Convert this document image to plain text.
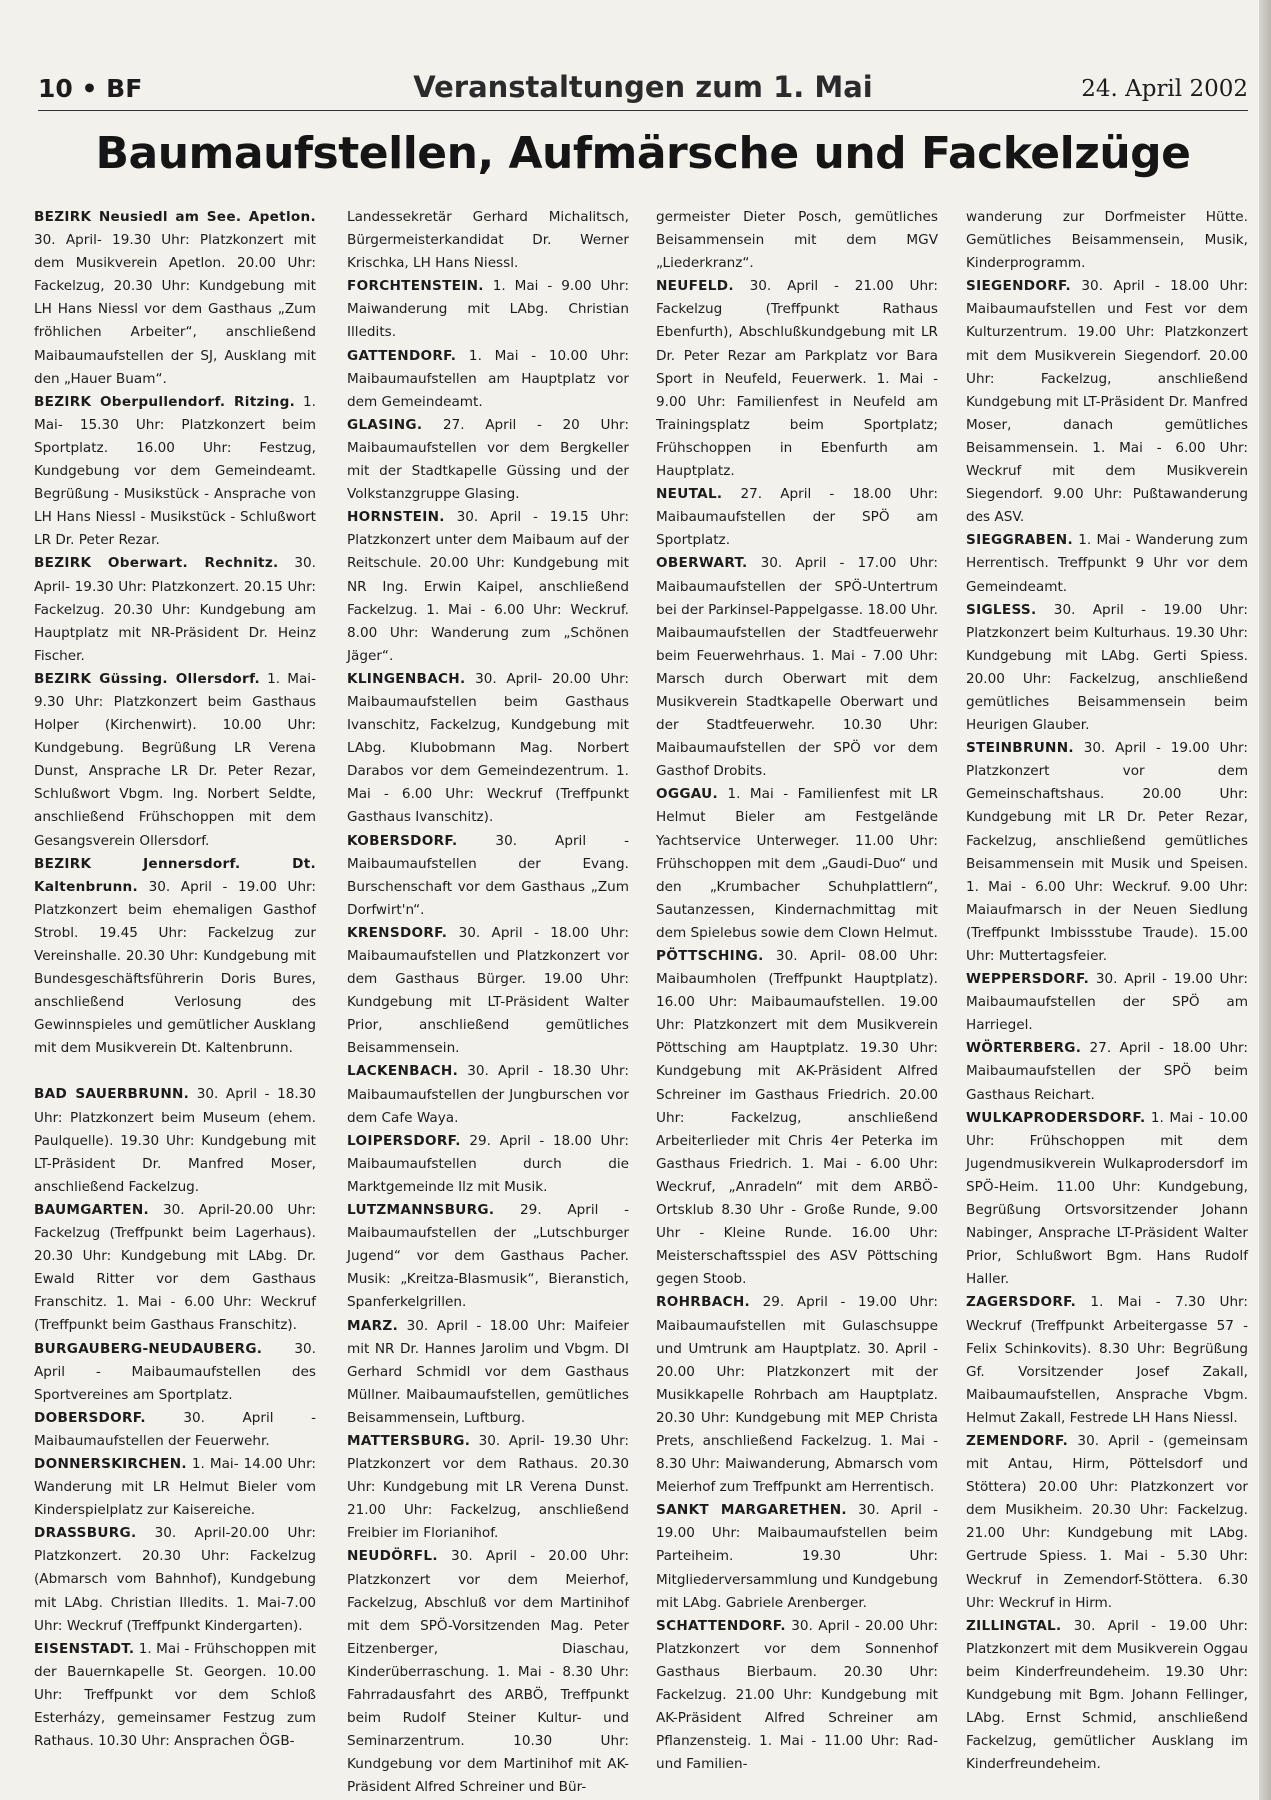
10 • BF	Veranstaltungen zum 1. Mai	24. April 2002
Baumaufstellen, Aufmärsche und Fackelzüge

BEZIRK Neusiedl am See. Apetlon. 30. April- 19.30 Uhr: Platzkonzert mit dem Musikverein Apetlon. 20.00 Uhr: Fackelzug, 20.30 Uhr: Kundgebung mit LH Hans Niessl vor dem Gasthaus „Zum fröhlichen Arbeiter“, anschließend Maibaumaufstellen der SJ, Ausklang mit den „Hauer Buam“.

BEZIRK Oberpullendorf. Ritzing. 1. Mai- 15.30 Uhr: Platzkonzert beim Sportplatz. 16.00 Uhr: Festzug, Kundgebung vor dem Gemeindeamt. Begrüßung - Musikstück - Ansprache von LH Hans Niessl - Musikstück - Schlußwort LR Dr. Peter Rezar.

BEZIRK Oberwart. Rechnitz. 30. April- 19.30 Uhr: Platzkonzert. 20.15 Uhr: Fackelzug. 20.30 Uhr: Kundgebung am Hauptplatz mit NR-Präsident Dr. Heinz Fischer.

BEZIRK Güssing. Ollersdorf. 1. Mai- 9.30 Uhr: Platzkonzert beim Gasthaus Holper (Kirchenwirt). 10.00 Uhr: Kundgebung. Begrüßung LR Verena Dunst, Ansprache LR Dr. Peter Rezar, Schlußwort Vbgm. Ing. Norbert Seldte, anschließend Frühschoppen mit dem Gesangsverein Ollersdorf.

BEZIRK Jennersdorf. Dt. Kaltenbrunn. 30. April - 19.00 Uhr: Platzkonzert beim ehemaligen Gasthof Strobl. 19.45 Uhr: Fackelzug zur Vereinshalle. 20.30 Uhr: Kundgebung mit Bundesgeschäftsführerin Doris Bures, anschließend Verlosung des Gewinnspieles und gemütlicher Ausklang mit dem Musikverein Dt. Kaltenbrunn.

BAD SAUERBRUNN. 30. April - 18.30 Uhr: Platzkonzert beim Museum (ehem. Paulquelle). 19.30 Uhr: Kundgebung mit LT-Präsident Dr. Manfred Moser, anschließend Fackelzug.

BAUMGARTEN. 30. April-20.00 Uhr: Fackelzug (Treffpunkt beim Lagerhaus). 20.30 Uhr: Kundgebung mit LAbg. Dr. Ewald Ritter vor dem Gasthaus Franschitz. 1. Mai - 6.00 Uhr: Weckruf (Treffpunkt beim Gasthaus Franschitz).

BURGAUBERG-NEUDAUBERG. 30. April - Maibaumaufstellen des Sportvereines am Sportplatz.

DOBERSDORF. 30. April - Maibaumaufstellen der Feuerwehr.

DONNERSKIRCHEN. 1. Mai- 14.00 Uhr: Wanderung mit LR Helmut Bieler vom Kinderspielplatz zur Kaisereiche.

DRASSBURG. 30. April-20.00 Uhr: Platzkonzert. 20.30 Uhr: Fackelzug (Abmarsch vom Bahnhof), Kundgebung mit LAbg. Christian Illedits. 1. Mai-7.00 Uhr: Weckruf (Treffpunkt Kindergarten).

EISENSTADT. 1. Mai - Frühschoppen mit der Bauernkapelle St. Georgen. 10.00 Uhr: Treffpunkt vor dem Schloß Esterházy, gemeinsamer Festzug zum Rathaus. 10.30 Uhr: Ansprachen ÖGB-

Landessekretär Gerhard Michalitsch, Bürgermeisterkandidat Dr. Werner Krischka, LH Hans Niessl.

FORCHTENSTEIN. 1. Mai - 9.00 Uhr: Maiwanderung mit LAbg. Christian Illedits.

GATTENDORF. 1. Mai - 10.00 Uhr: Maibaumaufstellen am Hauptplatz vor dem Gemeindeamt.

GLASING. 27. April - 20 Uhr: Maibaumaufstellen vor dem Bergkeller mit der Stadtkapelle Güssing und der Volkstanzgruppe Glasing.

HORNSTEIN. 30. April - 19.15 Uhr: Platzkonzert unter dem Maibaum auf der Reitschule. 20.00 Uhr: Kundgebung mit NR Ing. Erwin Kaipel, anschließend Fackelzug. 1. Mai - 6.00 Uhr: Weckruf. 8.00 Uhr: Wanderung zum „Schönen Jäger“.

KLINGENBACH. 30. April- 20.00 Uhr: Maibaumaufstellen beim Gasthaus Ivanschitz, Fackelzug, Kundgebung mit LAbg. Klubobmann Mag. Norbert Darabos vor dem Gemeindezentrum. 1. Mai - 6.00 Uhr: Weckruf (Treffpunkt Gasthaus Ivanschitz).

KOBERSDORF. 30. April -Maibaumaufstellen der Evang. Burschenschaft vor dem Gasthaus „Zum Dorfwirt'n“.

KRENSDORF. 30. April - 18.00 Uhr: Maibaumaufstellen und Platzkonzert vor dem Gasthaus Bürger. 19.00 Uhr: Kundgebung mit LT-Präsident Walter Prior, anschließend gemütliches Beisammensein.

LACKENBACH. 30. April - 18.30 Uhr: Maibaumaufstellen der Jungburschen vor dem Cafe Waya.

LOIPERSDORF. 29. April - 18.00 Uhr: Maibaumaufstellen durch die Marktgemeinde Ilz mit Musik.

LUTZMANNSBURG. 29. April - Maibaumaufstellen der „Lutschburger Jugend“ vor dem Gasthaus Pacher. Musik: „Kreitza-Blasmusik“, Bieranstich, Spanferkelgrillen.

MARZ. 30. April - 18.00 Uhr: Maifeier mit NR Dr. Hannes Jarolim und Vbgm. DI Gerhard Schmidl vor dem Gasthaus Müllner. Maibaumaufstellen, gemütliches Beisammensein, Luftburg.

MATTERSBURG. 30. April- 19.30 Uhr: Platzkonzert vor dem Rathaus. 20.30 Uhr: Kundgebung mit LR Verena Dunst. 21.00 Uhr: Fackelzug, anschließend Freibier im Florianihof.

NEUDÖRFL. 30. April - 20.00 Uhr: Platzkonzert vor dem Meierhof, Fackelzug, Abschluß vor dem Martinihof mit dem SPÖ-Vorsitzenden Mag. Peter Eitzenberger, Diaschau, Kinderüberraschung. 1. Mai - 8.30 Uhr: Fahrradausfahrt des ARBÖ, Treffpunkt beim Rudolf Steiner Kultur- und Seminarzentrum. 10.30 Uhr: Kundgebung vor dem Martinihof mit AK-Präsident Alfred Schreiner und Bür-

germeister Dieter Posch, gemütliches Beisammensein mit dem MGV „Liederkranz“.

NEUFELD. 30. April - 21.00 Uhr: Fackelzug (Treffpunkt Rathaus Ebenfurth), Abschlußkundgebung mit LR Dr. Peter Rezar am Parkplatz vor Bara Sport in Neufeld, Feuerwerk. 1. Mai - 9.00 Uhr: Familienfest in Neufeld am Trainingsplatz beim Sportplatz; Frühschoppen in Ebenfurth am Hauptplatz.

NEUTAL. 27. April - 18.00 Uhr: Maibaumaufstellen der SPÖ am Sportplatz.

OBERWART. 30. April - 17.00 Uhr: Maibaumaufstellen der SPÖ-Untertrum bei der Parkinsel-Pappelgasse. 18.00 Uhr. Maibaumaufstellen der Stadtfeuerwehr beim Feuerwehrhaus. 1. Mai - 7.00 Uhr: Marsch durch Oberwart mit dem Musikverein Stadtkapelle Oberwart und der Stadtfeuerwehr. 10.30 Uhr: Maibaumaufstellen der SPÖ vor dem Gasthof Drobits.

OGGAU. 1. Mai - Familienfest mit LR Helmut Bieler am Festgelände Yachtservice Unterweger. 11.00 Uhr: Frühschoppen mit dem „Gaudi-Duo“ und den „Krumbacher Schuhplattlern“, Sautanzessen, Kindernachmittag mit dem Spielebus sowie dem Clown Helmut.

PÖTTSCHING. 30. April- 08.00 Uhr: Maibaumholen (Treffpunkt Hauptplatz). 16.00 Uhr: Maibaumaufstellen. 19.00 Uhr: Platzkonzert mit dem Musikverein Pöttsching am Hauptplatz. 19.30 Uhr: Kundgebung mit AK-Präsident Alfred Schreiner im Gasthaus Friedrich. 20.00 Uhr: Fackelzug, anschließend Arbeiterlieder mit Chris 4er Peterka im Gasthaus Friedrich. 1. Mai - 6.00 Uhr: Weckruf, „Anradeln“ mit dem ARBÖ-Ortsklub 8.30 Uhr - Große Runde, 9.00 Uhr - Kleine Runde. 16.00 Uhr: Meisterschaftsspiel des ASV Pöttsching gegen Stoob.

ROHRBACH. 29. April - 19.00 Uhr: Maibaumaufstellen mit Gulaschsuppe und Umtrunk am Hauptplatz. 30. April - 20.00 Uhr: Platzkonzert mit der Musikkapelle Rohrbach am Hauptplatz. 20.30 Uhr: Kundgebung mit MEP Christa Prets, anschließend Fackelzug. 1. Mai - 8.30 Uhr: Maiwanderung, Abmarsch vom Meierhof zum Treffpunkt am Herrentisch.

SANKT MARGARETHEN. 30. April - 19.00 Uhr: Maibaumaufstellen beim Parteiheim. 19.30 Uhr: Mitgliederversammlung und Kundgebung mit LAbg. Gabriele Arenberger.

SCHATTENDORF. 30. April - 20.00 Uhr: Platzkonzert vor dem Sonnenhof Gasthaus Bierbaum. 20.30 Uhr: Fackelzug. 21.00 Uhr: Kundgebung mit AK-Präsident Alfred Schreiner am Pflanzensteig. 1. Mai - 11.00 Uhr: Rad- und Familien-

wanderung zur Dorfmeister Hütte. Gemütliches Beisammensein, Musik, Kinderprogramm.

SIEGENDORF. 30. April - 18.00 Uhr: Maibaumaufstellen und Fest vor dem Kulturzentrum. 19.00 Uhr: Platzkonzert mit dem Musikverein Siegendorf. 20.00 Uhr: Fackelzug, anschließend Kundgebung mit LT-Präsident Dr. Manfred Moser, danach gemütliches Beisammensein. 1. Mai - 6.00 Uhr: Weckruf mit dem Musikverein Siegendorf. 9.00 Uhr: Pußtawanderung des ASV.

SIEGGRABEN. 1. Mai - Wanderung zum Herrentisch. Treffpunkt 9 Uhr vor dem Gemeindeamt.

SIGLESS. 30. April - 19.00 Uhr: Platzkonzert beim Kulturhaus. 19.30 Uhr: Kundgebung mit LAbg. Gerti Spiess. 20.00 Uhr: Fackelzug, anschließend gemütliches Beisammensein beim Heurigen Glauber.

STEINBRUNN. 30. April - 19.00 Uhr: Platzkonzert vor dem Gemeinschaftshaus. 20.00 Uhr: Kundgebung mit LR Dr. Peter Rezar, Fackelzug, anschließend gemütliches Beisammensein mit Musik und Speisen. 1. Mai - 6.00 Uhr: Weckruf. 9.00 Uhr: Maiaufmarsch in der Neuen Siedlung (Treffpunkt Imbissstube Traude). 15.00 Uhr: Muttertagsfeier.

WEPPERSDORF. 30. April - 19.00 Uhr: Maibaumaufstellen der SPÖ am Harriegel.

WÖRTERBERG. 27. April - 18.00 Uhr: Maibaumaufstellen der SPÖ beim Gasthaus Reichart.

WULKAPRODERSDORF. 1. Mai - 10.00 Uhr: Frühschoppen mit dem Jugendmusikverein Wulkaprodersdorf im SPÖ-Heim. 11.00 Uhr: Kundgebung, Begrüßung Ortsvorsitzender Johann Nabinger, Ansprache LT-Präsident Walter Prior, Schlußwort Bgm. Hans Rudolf Haller.

ZAGERSDORF. 1. Mai - 7.30 Uhr: Weckruf (Treffpunkt Arbeitergasse 57 - Felix Schinkovits). 8.30 Uhr: Begrüßung Gf. Vorsitzender Josef Zakall, Maibaumaufstellen, Ansprache Vbgm. Helmut Zakall, Festrede LH Hans Niessl.

ZEMENDORF. 30. April - (gemeinsam mit Antau, Hirm, Pöttelsdorf und Stöttera) 20.00 Uhr: Platzkonzert vor dem Musikheim. 20.30 Uhr: Fackelzug. 21.00 Uhr: Kundgebung mit LAbg. Gertrude Spiess. 1. Mai - 5.30 Uhr: Weckruf in Zemendorf-Stöttera. 6.30 Uhr: Weckruf in Hirm.

ZILLINGTAL. 30. April - 19.00 Uhr: Platzkonzert mit dem Musikverein Oggau beim Kinderfreundeheim. 19.30 Uhr: Kundgebung mit Bgm. Johann Fellinger, LAbg. Ernst Schmid, anschließend Fackelzug, gemütlicher Ausklang im Kinderfreundeheim.
